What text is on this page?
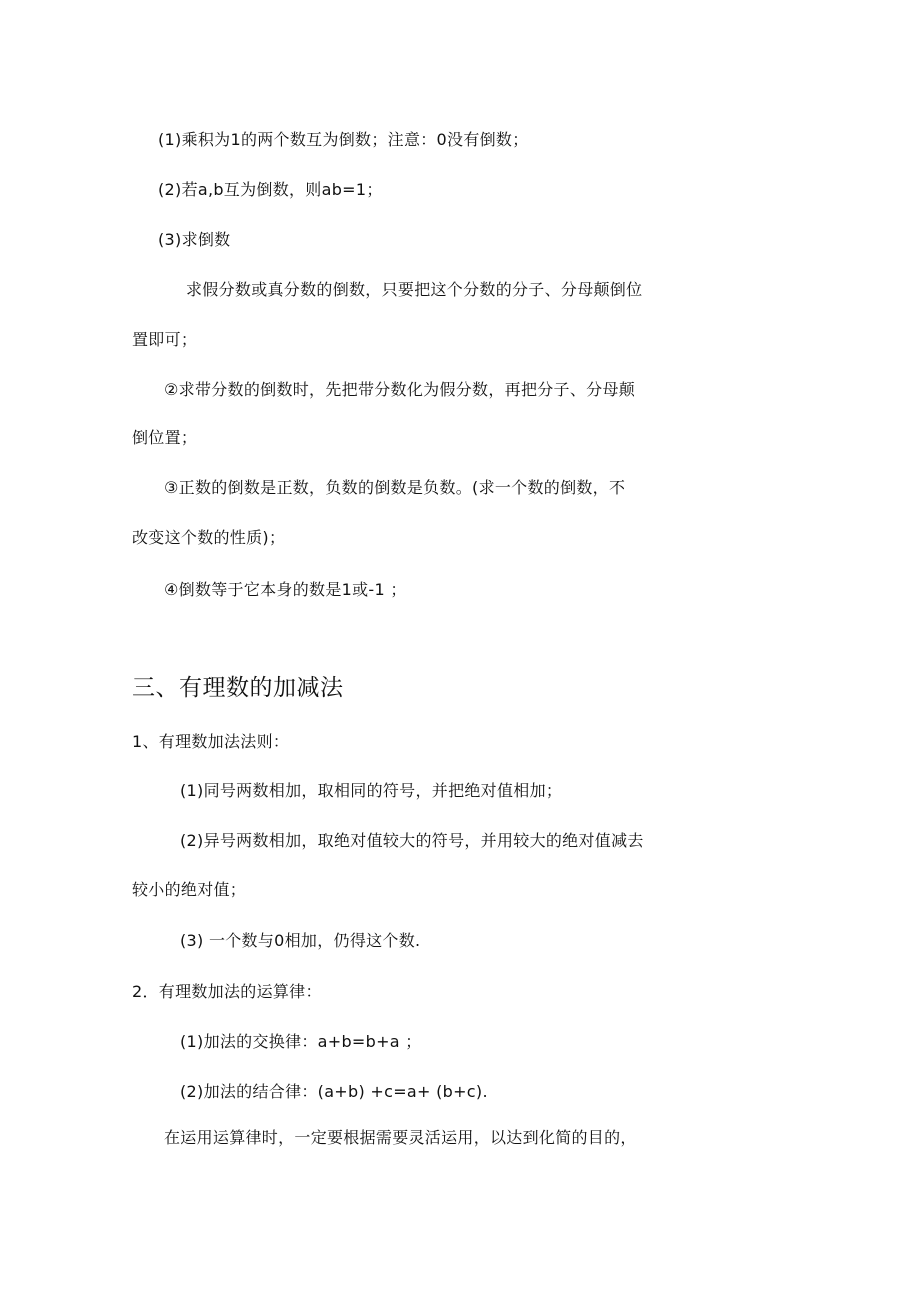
(1)乘积为1的两个数互为倒数；注意：0没有倒数；
(2)若a,b互为倒数，则ab=1；
(3)求倒数
求假分数或真分数的倒数，只要把这个分数的分子、分母颠倒位
置即可；
②求带分数的倒数时，先把带分数化为假分数，再把分子、分母颠
倒位置；
③正数的倒数是正数，负数的倒数是负数。(求一个数的倒数，不
改变这个数的性质)；
④倒数等于它本身的数是1或-1 ；
三、有理数的加减法
1、有理数加法法则：
(1)同号两数相加，取相同的符号，并把绝对值相加；
(2)异号两数相加，取绝对值较大的符号，并用较大的绝对值减去
较小的绝对值；
(3) 一个数与0相加，仍得这个数.
2．有理数加法的运算律：
(1)加法的交换律：a+b=b+a ；
(2)加法的结合律：(a+b) +c=a+ (b+c).
在运用运算律时，一定要根据需要灵活运用，以达到化简的目的，
